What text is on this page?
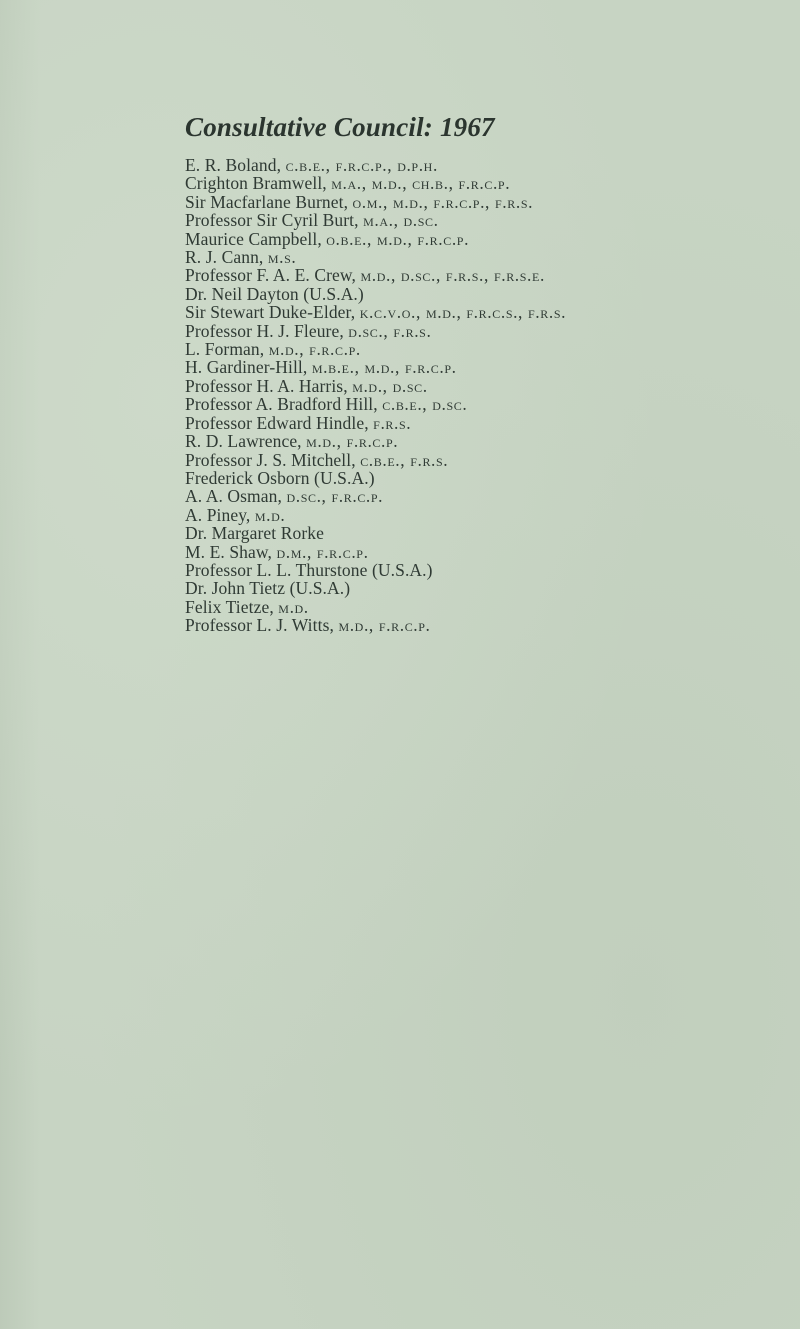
Consultative Council: 1967
E. R. Boland, c.b.e., f.r.c.p., d.p.h.
Crighton Bramwell, m.a., m.d., ch.b., f.r.c.p.
Sir Macfarlane Burnet, o.m., m.d., f.r.c.p., f.r.s.
Professor Sir Cyril Burt, m.a., d.sc.
Maurice Campbell, o.b.e., m.d., f.r.c.p.
R. J. Cann, m.s.
Professor F. A. E. Crew, m.d., d.sc., f.r.s., f.r.s.e.
Dr. Neil Dayton (U.S.A.)
Sir Stewart Duke-Elder, k.c.v.o., m.d., f.r.c.s., f.r.s.
Professor H. J. Fleure, d.sc., f.r.s.
L. Forman, m.d., f.r.c.p.
H. Gardiner-Hill, m.b.e., m.d., f.r.c.p.
Professor H. A. Harris, m.d., d.sc.
Professor A. Bradford Hill, c.b.e., d.sc.
Professor Edward Hindle, f.r.s.
R. D. Lawrence, m.d., f.r.c.p.
Professor J. S. Mitchell, c.b.e., f.r.s.
Frederick Osborn (U.S.A.)
A. A. Osman, d.sc., f.r.c.p.
A. Piney, m.d.
Dr. Margaret Rorke
M. E. Shaw, d.m., f.r.c.p.
Professor L. L. Thurstone (U.S.A.)
Dr. John Tietz (U.S.A.)
Felix Tietze, m.d.
Professor L. J. Witts, m.d., f.r.c.p.
